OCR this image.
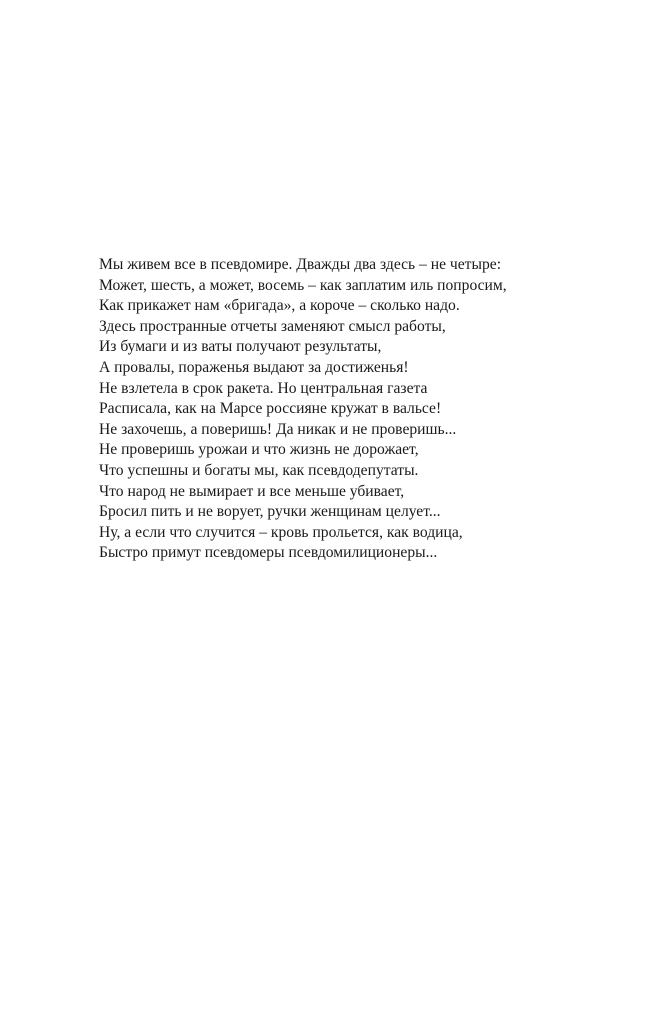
Мы живем все в псевдомире. Дважды два здесь – не четыре:
Может, шесть, а может, восемь – как заплатим иль попросим,
Как прикажет нам «бригада», а короче – сколько надо.
Здесь пространные отчеты заменяют смысл работы,
Из бумаги и из ваты получают результаты,
А провалы, пораженья выдают за достиженья!
Не взлетела в срок ракета. Но центральная газета
Расписала, как на Марсе россияне кружат в вальсе!
Не захочешь, а поверишь! Да никак и не проверишь...
Не проверишь урожаи и что жизнь не дорожает,
Что успешны и богаты мы, как псевдодепутаты.
Что народ не вымирает и все меньше убивает,
Бросил пить и не ворует, ручки женщинам целует...
Ну, а если что случится – кровь прольется, как водица,
Быстро примут псевдомеры псевдомилиционеры...
